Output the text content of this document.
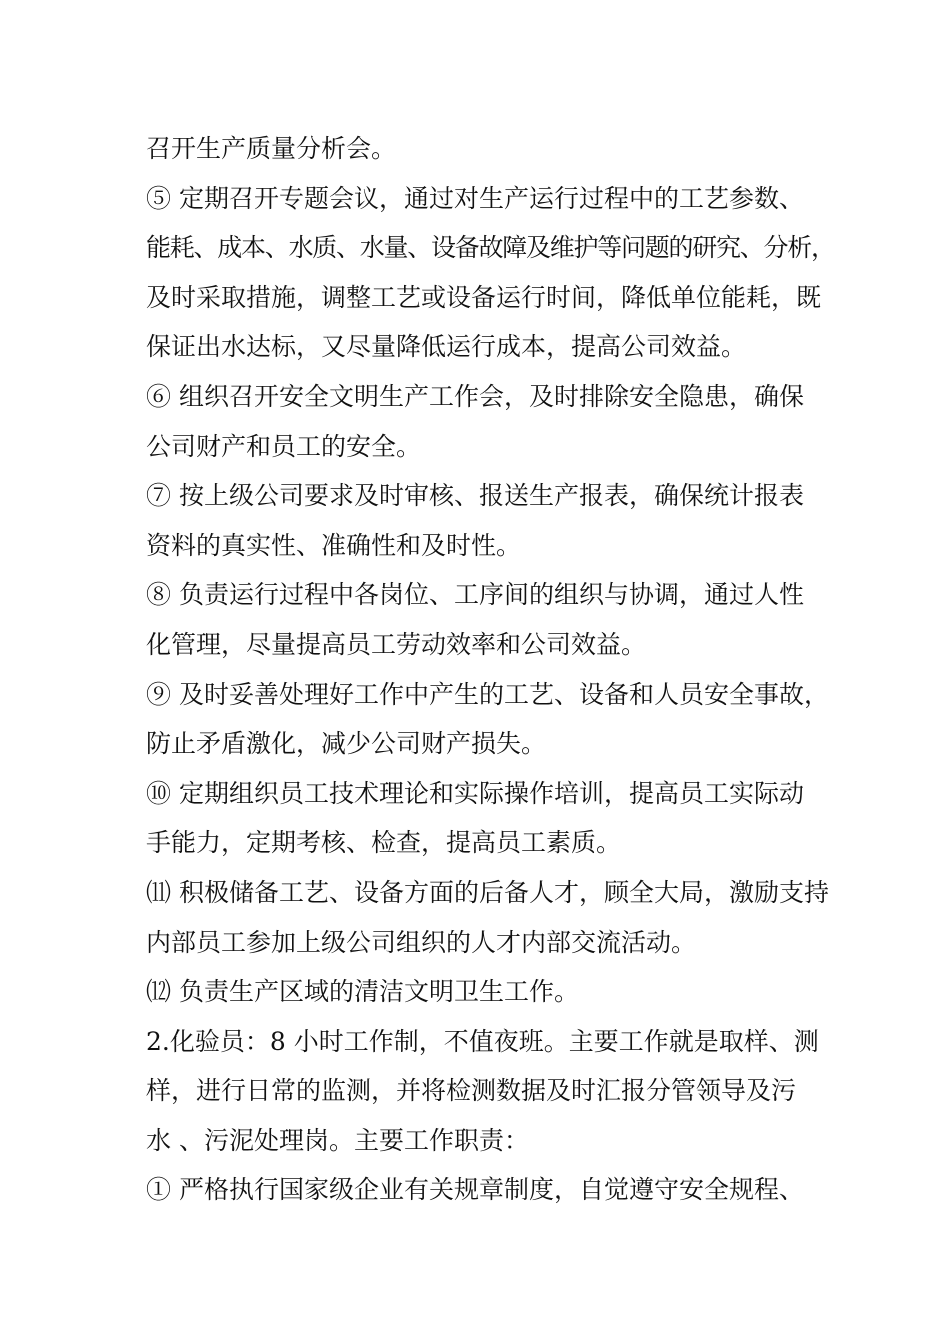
召开生产质量分析会。
⑤ 定期召开专题会议，通过对生产运行过程中的工艺参数、
能耗、成本、水质、水量、设备故障及维护等问题的研究、分析，
及时采取措施，调整工艺或设备运行时间，降低单位能耗，既
保证出水达标，又尽量降低运行成本，提高公司效益。
⑥ 组织召开安全文明生产工作会，及时排除安全隐患，确保
公司财产和员工的安全。
⑦ 按上级公司要求及时审核、报送生产报表，确保统计报表
资料的真实性、准确性和及时性。
⑧ 负责运行过程中各岗位、工序间的组织与协调，通过人性
化管理，尽量提高员工劳动效率和公司效益。
⑨ 及时妥善处理好工作中产生的工艺、设备和人员安全事故，
防止矛盾激化，减少公司财产损失。
⑩ 定期组织员工技术理论和实际操作培训，提高员工实际动
手能力，定期考核、检查，提高员工素质。
⑾ 积极储备工艺、设备方面的后备人才，顾全大局，激励支持
内部员工参加上级公司组织的人才内部交流活动。
⑿ 负责生产区域的清洁文明卫生工作。
2.化验员：8 小时工作制，不值夜班。主要工作就是取样、测
样，进行日常的监测，并将检测数据及时汇报分管领导及污
水 、污泥处理岗。主要工作职责：
① 严格执行国家级企业有关规章制度，自觉遵守安全规程、
